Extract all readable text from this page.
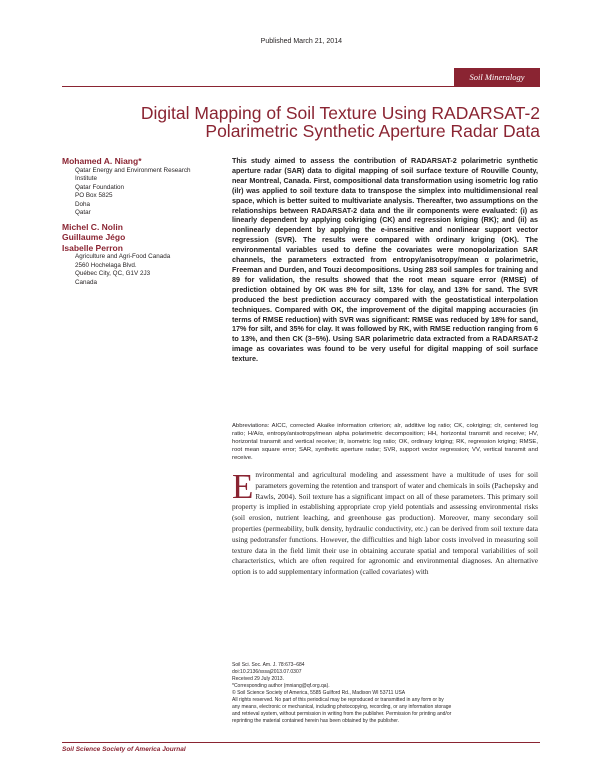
Published March 21, 2014
Soil Mineralogy
Digital Mapping of Soil Texture Using RADARSAT-2
Polarimetric Synthetic Aperture Radar Data
Mohamed A. Niang*
Qatar Energy and Environment Research
Institute
Qatar Foundation
PO Box 5825
Doha
Qatar
Michel C. Nolin
Guillaume Jégo
Isabelle Perron
Agriculture and Agri-Food Canada
2560 Hochelaga Blvd.
Québec City, QC, G1V 2J3
Canada
This study aimed to assess the contribution of RADARSAT-2 polarimetric synthetic aperture radar (SAR) data to digital mapping of soil surface texture of Rouville County, near Montreal, Canada. First, compositional data transformation using isometric log ratio (ilr) was applied to soil texture data to transpose the simplex into multidimensional real space, which is better suited to multivariate analysis. Thereafter, two assumptions on the relationships between RADARSAT-2 data and the ilr components were evaluated: (i) as linearly dependent by applying cokriging (CK) and regression kriging (RK); and (ii) as nonlinearly dependent by applying the e-insensitive and nonlinear support vector regression (SVR). The results were compared with ordinary kriging (OK). The environmental variables used to define the covariates were monopolarization SAR channels, the parameters extracted from entropy/anisotropy/mean α polarimetric, Freeman and Durden, and Touzi decompositions. Using 283 soil samples for training and 89 for validation, the results showed that the root mean square error (RMSE) of prediction obtained by OK was 8% for silt, 13% for clay, and 13% for sand. The SVR produced the best prediction accuracy compared with the geostatistical interpolation techniques. Compared with OK, the improvement of the digital mapping accuracies (in terms of RMSE reduction) with SVR was significant: RMSE was reduced by 18% for sand, 17% for silt, and 35% for clay. It was followed by RK, with RMSE reduction ranging from 6 to 13%, and then CK (3–5%). Using SAR polarimetric data extracted from a RADARSAT-2 image as covariates was found to be very useful for digital mapping of soil surface texture.
Abbreviations: AICC, corrected Akaike information criterion; alr, additive log ratio; CK, cokriging; clr, centered log ratio; H/A/α, entropy/anisotropy/mean alpha polarimetric decomposition; HH, horizontal transmit and receive; HV, horizontal transmit and vertical receive; ilr, isometric log ratio; OK, ordinary kriging; RK, regression kriging; RMSE, root mean square error; SAR, synthetic aperture radar; SVR, support vector regression; VV, vertical transmit and receive.
Environmental and agricultural modeling and assessment have a multitude of uses for soil parameters governing the retention and transport of water and chemicals in soils (Pachepsky and Rawls, 2004). Soil texture has a significant impact on all of these parameters. This primary soil property is implied in establishing appropriate crop yield potentials and assessing environmental risks (soil erosion, nutrient leaching, and greenhouse gas production). Moreover, many secondary soil properties (permeability, bulk density, hydraulic conductivity, etc.) can be derived from soil texture data using pedotransfer functions. However, the difficulties and high labor costs involved in measuring soil texture data in the field limit their use in obtaining accurate spatial and temporal variabilities of soil characteristics, which are often required for agronomic and environmental diagnoses. An alternative option is to add supplementary information (called covariates) with
Soil Sci. Soc. Am. J. 78:673–684
doi:10.2136/sssaj2013.07.0307
Received 29 July 2013.
*Corresponding author (mniang@qf.org.qa).
© Soil Science Society of America, 5585 Guilford Rd., Madison WI 53711 USA
All rights reserved. No part of this periodical may be reproduced or transmitted in any form or by
any means, electronic or mechanical, including photocopying, recording, or any information storage
and retrieval system, without permission in writing from the publisher. Permission for printing and/or
reprinting the material contained herein has been obtained by the publisher.
Soil Science Society of America Journal
